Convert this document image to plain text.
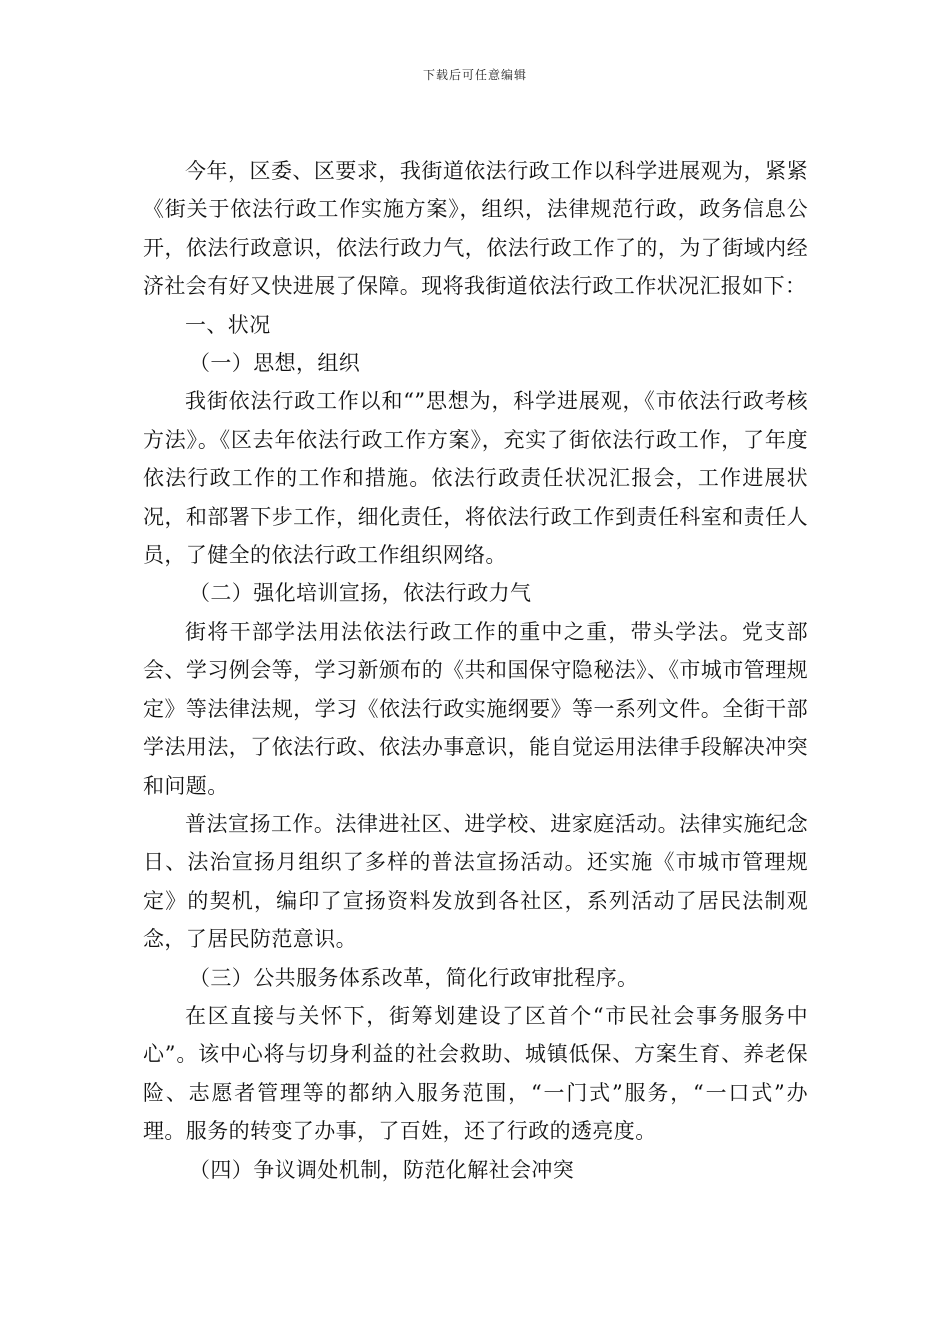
下载后可任意编辑

今年，区委、区要求，我街道依法行政工作以科学进展观为，紧紧《街关于依法行政工作实施方案》，组织，法律规范行政，政务信息公开，依法行政意识，依法行政力气，依法行政工作了的，为了街域内经济社会有好又快进展了保障。现将我街道依法行政工作状况汇报如下：

一、状况

（一）思想，组织

我街依法行政工作以和“”思想为，科学进展观，《市依法行政考核方法》。《区去年依法行政工作方案》，充实了街依法行政工作，了年度依法行政工作的工作和措施。依法行政责任状况汇报会，工作进展状况，和部署下步工作，细化责任，将依法行政工作到责任科室和责任人员，了健全的依法行政工作组织网络。

（二）强化培训宣扬，依法行政力气

街将干部学法用法依法行政工作的重中之重，带头学法。党支部会、学习例会等，学习新颁布的《共和国保守隐秘法》、《市城市管理规定》等法律法规，学习《依法行政实施纲要》等一系列文件。全街干部学法用法，了依法行政、依法办事意识，能自觉运用法律手段解决冲突和问题。

普法宣扬工作。法律进社区、进学校、进家庭活动。法律实施纪念日、法治宣扬月组织了多样的普法宣扬活动。还实施《市城市管理规定》的契机，编印了宣扬资料发放到各社区，系列活动了居民法制观念，了居民防范意识。

（三）公共服务体系改革，简化行政审批程序。

在区直接与关怀下，街筹划建设了区首个“市民社会事务服务中心”。该中心将与切身利益的社会救助、城镇低保、方案生育、养老保险、志愿者管理等的都纳入服务范围，“一门式”服务，“一口式”办理。服务的转变了办事，了百姓，还了行政的透亮度。

（四）争议调处机制，防范化解社会冲突
